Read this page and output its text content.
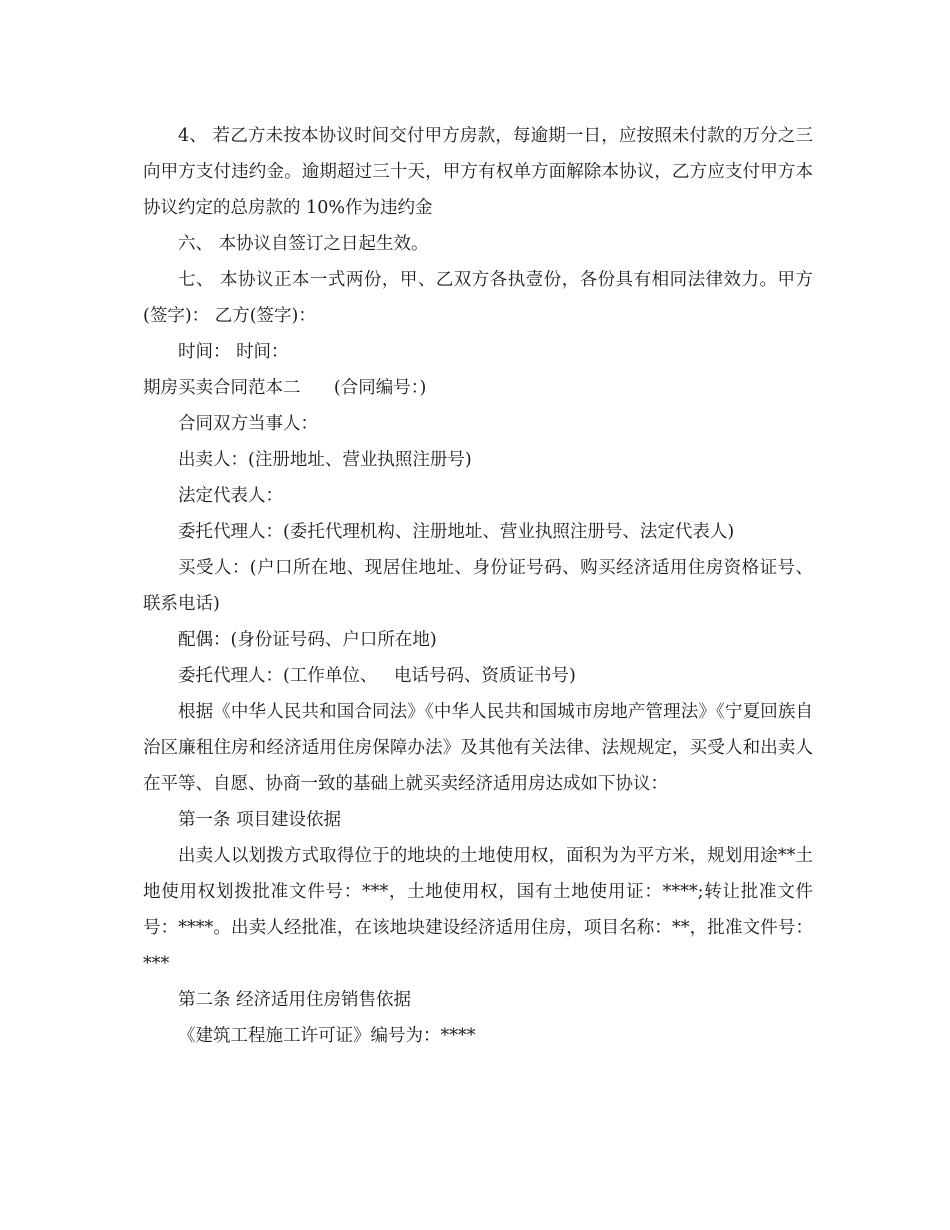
4、 若乙方未按本协议时间交付甲方房款，每逾期一日，应按照未付款的万分之三向甲方支付违约金。逾期超过三十天，甲方有权单方面解除本协议，乙方应支付甲方本协议约定的总房款的 10%作为违约金

六、 本协议自签订之日起生效。

七、 本协议正本一式两份，甲、乙双方各执壹份，各份具有相同法律效力。甲方(签字)： 乙方(签字)：

时间： 时间：

期房买卖合同范本二      (合同编号：)

合同双方当事人：

出卖人：(注册地址、营业执照注册号)

法定代表人：

委托代理人：(委托代理机构、注册地址、营业执照注册号、法定代表人)

买受人：(户口所在地、现居住地址、身份证号码、购买经济适用住房资格证号、联系电话)

配偶：(身份证号码、户口所在地)

委托代理人：(工作单位、   电话号码、资质证书号)

根据《中华人民共和国合同法》《中华人民共和国城市房地产管理法》《宁夏回族自治区廉租住房和经济适用住房保障办法》及其他有关法律、法规规定，买受人和出卖人在平等、自愿、协商一致的基础上就买卖经济适用房达成如下协议：

第一条 项目建设依据

出卖人以划拨方式取得位于的地块的土地使用权，面积为为平方米，规划用途**土地使用权划拨批准文件号：***，土地使用权，国有土地使用证：****;转让批准文件号：****。出卖人经批准，在该地块建设经济适用住房，项目名称：**，批准文件号：***

第二条 经济适用住房销售依据

《建筑工程施工许可证》编号为：****
